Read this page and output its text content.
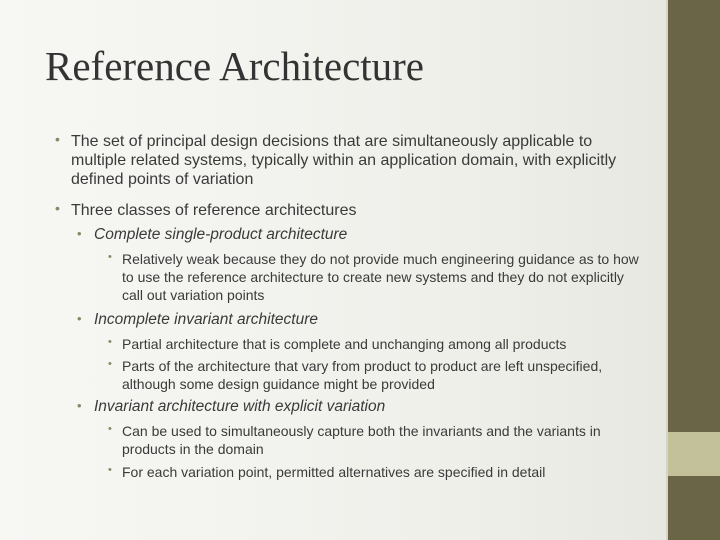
Reference Architecture
• The set of principal design decisions that are simultaneously applicable to multiple related systems, typically within an application domain, with explicitly defined points of variation
• Three classes of reference architectures
• Complete single-product architecture
• Relatively weak because they do not provide much engineering guidance as to how to use the reference architecture to create new systems and they do not explicitly call out variation points
• Incomplete invariant architecture
• Partial architecture that is complete and unchanging among all products
• Parts of the architecture that vary from product to product are left unspecified, although some design guidance might be provided
• Invariant architecture with explicit variation
• Can be used to simultaneously capture both the invariants and the variants in products in the domain
• For each variation point, permitted alternatives are specified in detail
